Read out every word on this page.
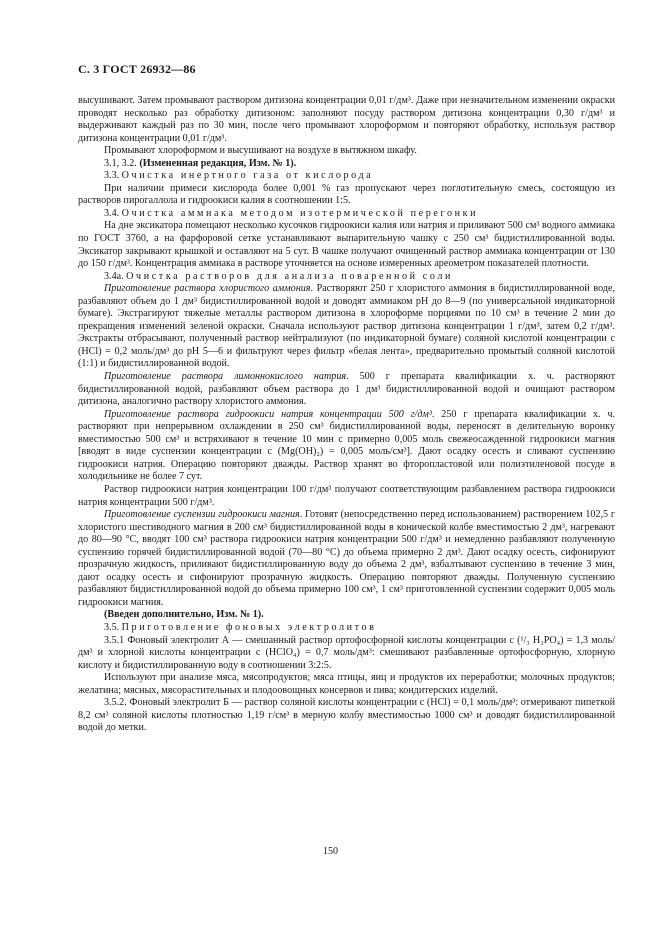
С. 3 ГОСТ 26932—86

высушивают. Затем промывают раствором дитизона концентрации 0,01 г/дм³. Даже при незначительном изменении окраски проводят несколько раз обработку дитизоном: заполняют посуду раствором дитизона концентрации 0,30 г/дм³ и выдерживают каждый раз по 30 мин, после чего промывают хлороформом и повторяют обработку, используя раствор дитизона концентрации 0,01 г/дм³.

Промывают хлороформом и высушивают на воздухе в вытяжном шкафу.

3.1, 3.2. (Измененная редакция, Изм. № 1).

3.3. Очистка инертного газа от кислорода

При наличии примеси кислорода более 0,001 % газ пропускают через поглотительную смесь, состоящую из растворов пирогаллола и гидроокиси калия в соотношении 1:5.

3.4. Очистка аммиака методом изотермической перегонки

На дне эксикатора помещают несколько кусочков гидроокиси калия или натрия и приливают 500 см³ водного аммиака по ГОСТ 3760, а на фарфоровой сетке устанавливают выпарительную чашку с 250 см³ бидистиллированной воды. Эксикатор закрывают крышкой и оставляют на 5 сут. В чашке получают очищенный раствор аммиака концентрации от 130 до 150 г/дм³. Концентрация аммиака в растворе уточняется на основе измеренных ареометром показателей плотности.

3.4а. Очистка растворов для анализа поваренной соли

Приготовление раствора хлористого аммония. Растворяют 250 г хлористого аммония в бидистиллированной воде, разбавляют объем до 1 дм³ бидистиллированной водой и доводят аммиаком рН до 8—9 (по универсальной индикаторной бумаге). Экстрагируют тяжелые металлы раствором дитизона в хлороформе порциями по 10 см³ в течение 2 мин до прекращения изменений зеленой окраски. Сначала используют раствор дитизона концентрации 1 г/дм³, затем 0,2 г/дм³. Экстракты отбрасывают, полученный раствор нейтрализуют (по индикаторной бумаге) соляной кислотой концентрации с (HCl) = 0,2 моль/дм³ до рН 5—6 и фильтруют через фильтр «белая лента», предварительно промытый соляной кислотой (1:1) и бидистиллированной водой.

Приготовление раствора лимоннокислого натрия. 500 г препарата квалификации х. ч. растворяют бидистиллированной водой, разбавляют объем раствора до 1 дм³ бидистиллированной водой и очищают раствором дитизона, аналогично раствору хлористого аммония.

Приготовление раствора гидроокиси натрия концентрации 500 г/дм³. 250 г препарата квалификации х. ч. растворяют при непрерывном охлаждении в 250 см³ бидистиллированной воды, переносят в делительную воронку вместимостью 500 см³ и встряхивают в течение 10 мин с примерно 0,005 моль свежеосажденной гидроокиси магния [вводят в виде суспензии концентрации с (Mg(OH)₂) = 0,005 моль/см³]. Дают осадку осесть и сливают суспензию гидроокиси натрия. Операцию повторяют дважды. Раствор хранят во фторопластовой или полиэтиленовой посуде в холодильнике не более 7 сут.

Раствор гидроокиси натрия концентрации 100 г/дм³ получают соответствующим разбавлением раствора гидроокиси натрия концентрации 500 г/дм³.

Приготовление суспензии гидроокиси магния. Готовят (непосредственно перед использованием) растворением 102,5 г хлористого шестиводного магния в 200 см³ бидистиллированной воды в конической колбе вместимостью 2 дм³, нагревают до 80—90 °С, вводят 100 см³ раствора гидроокиси натрия концентрации 500 г/дм³ и немедленно разбавляют полученную суспензию горячей бидистиллированной водой (70—80 °С) до объема примерно 2 дм³. Дают осадку осесть, сифонируют прозрачную жидкость, приливают бидистиллированную воду до объема 2 дм³, взбалтывают суспензию в течение 3 мин, дают осадку осесть и сифонируют прозрачную жидкость. Операцию повторяют дважды. Полученную суспензию разбавляют бидистиллированной водой до объема примерно 100 см³, 1 см³ приготовленной суспензии содержит 0,005 моль гидроокиси магния.

(Введен дополнительно, Изм. № 1).

3.5. Приготовление фоновых электролитов

3.5.1 Фоновый электролит А — смешанный раствор ортофосфорной кислоты концентрации с (¹/₃ H₃PO₄) = 1,3 моль/дм³ и хлорной кислоты концентрации с (HClO₄) = 0,7 моль/дм³: смешивают разбавленные ортофосфорную, хлорную кислоту и бидистиллированную воду в соотношении 3:2:5.

Используют при анализе мяса, мясопродуктов; мяса птицы, яиц и продуктов их переработки; молочных продуктов; желатина; мясных, мясорастительных и плодоовощных консервов и пива; кондитерских изделий.

3.5.2. Фоновый электролит Б — раствор соляной кислоты концентрации с (HCl) = 0,1 моль/дм³: отмеривают пипеткой 8,2 см³ соляной кислоты плотностью 1,19 г/см³ в мерную колбу вместимостью 1000 см³ и доводят бидистиллированной водой до метки.

150
